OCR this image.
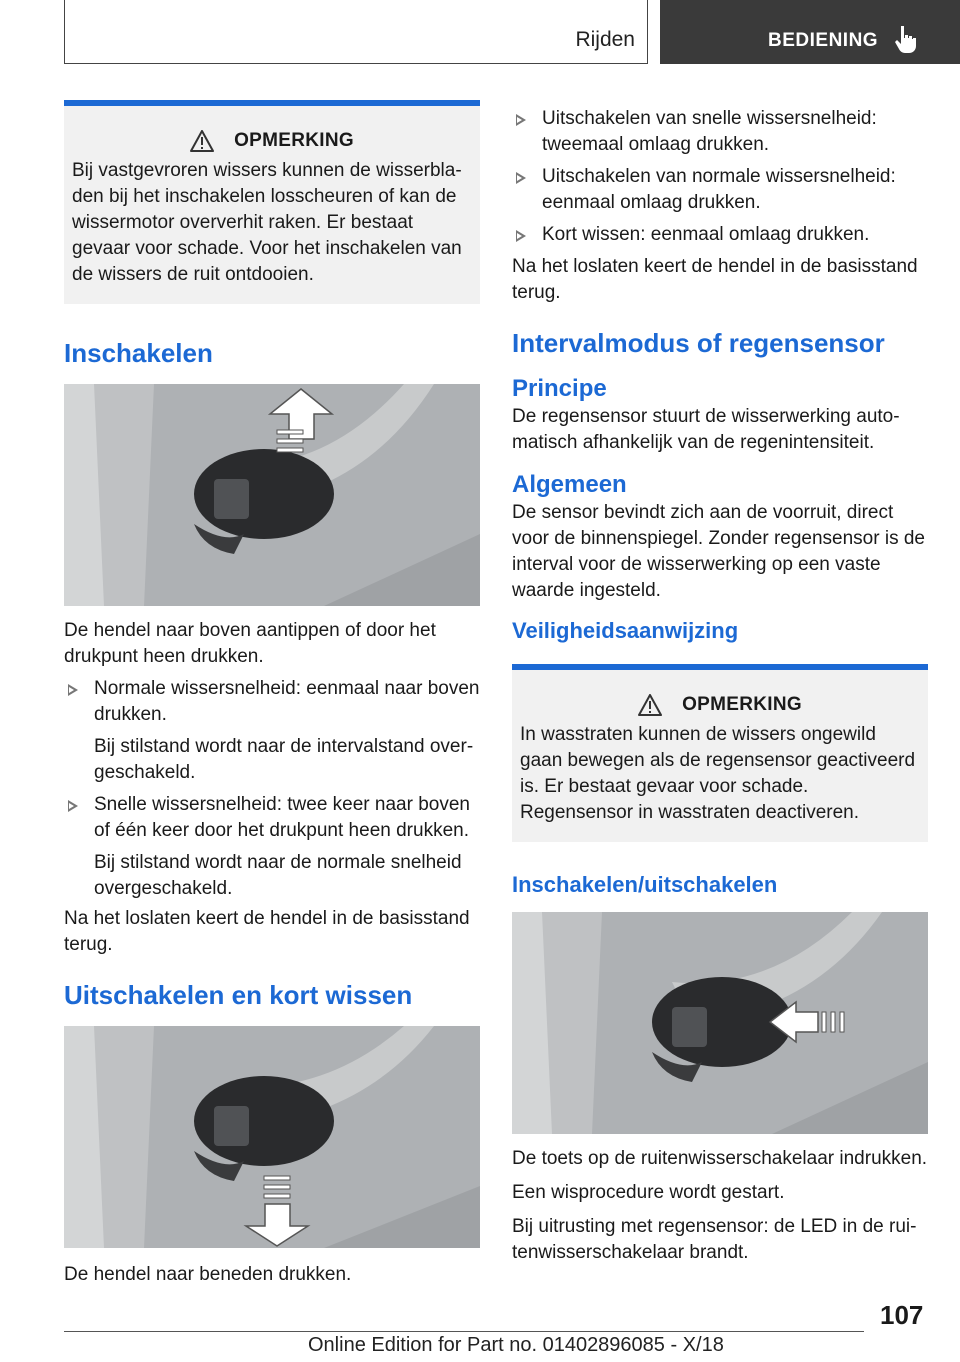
Rijden	BEDIENING
OPMERKING

Bij vastgevroren wissers kunnen de wisserbladen bij het inschakelen losscheuren of kan de wissermotor oververhit raken. Er bestaat gevaar voor schade. Voor het inschakelen van de wissers de ruit ontdooien.

Inschakelen

De hendel naar boven aantippen of door het drukpunt heen drukken.

Normale wissersnelheid: eenmaal naar boven drukken.
Bij stilstand wordt naar de intervalstand overgeschakeld.
Snelle wissersnelheid: twee keer naar boven of één keer door het drukpunt heen drukken.
Bij stilstand wordt naar de normale snelheid overgeschakeld.

Na het loslaten keert de hendel in de basisstand terug.

Uitschakelen en kort wissen

De hendel naar beneden drukken.

Uitschakelen van snelle wissersnelheid: tweemaal omlaag drukken.
Uitschakelen van normale wissersnelheid: eenmaal omlaag drukken.
Kort wissen: eenmaal omlaag drukken.

Na het loslaten keert de hendel in de basisstand terug.

Intervalmodus of regensensor
Principe

De regensensor stuurt de wisserwerking automatisch afhankelijk van de regenintensiteit.

Algemeen

De sensor bevindt zich aan de voorruit, direct voor de binnenspiegel. Zonder regensensor is de interval voor de wisserwerking op een vaste waarde ingesteld.

Veiligheidsaanwijzing
OPMERKING

In wasstraten kunnen de wissers ongewild gaan bewegen als de regensensor geactiveerd is. Er bestaat gevaar voor schade. Regensensor in wasstraten deactiveren.

Inschakelen/uitschakelen

De toets op de ruitenwisserschakelaar indrukken.

Een wisprocedure wordt gestart.

Bij uitrusting met regensensor: de LED in de ruitenwisserschakelaar brandt.

107
Online Edition for Part no. 01402896085 - X/18
